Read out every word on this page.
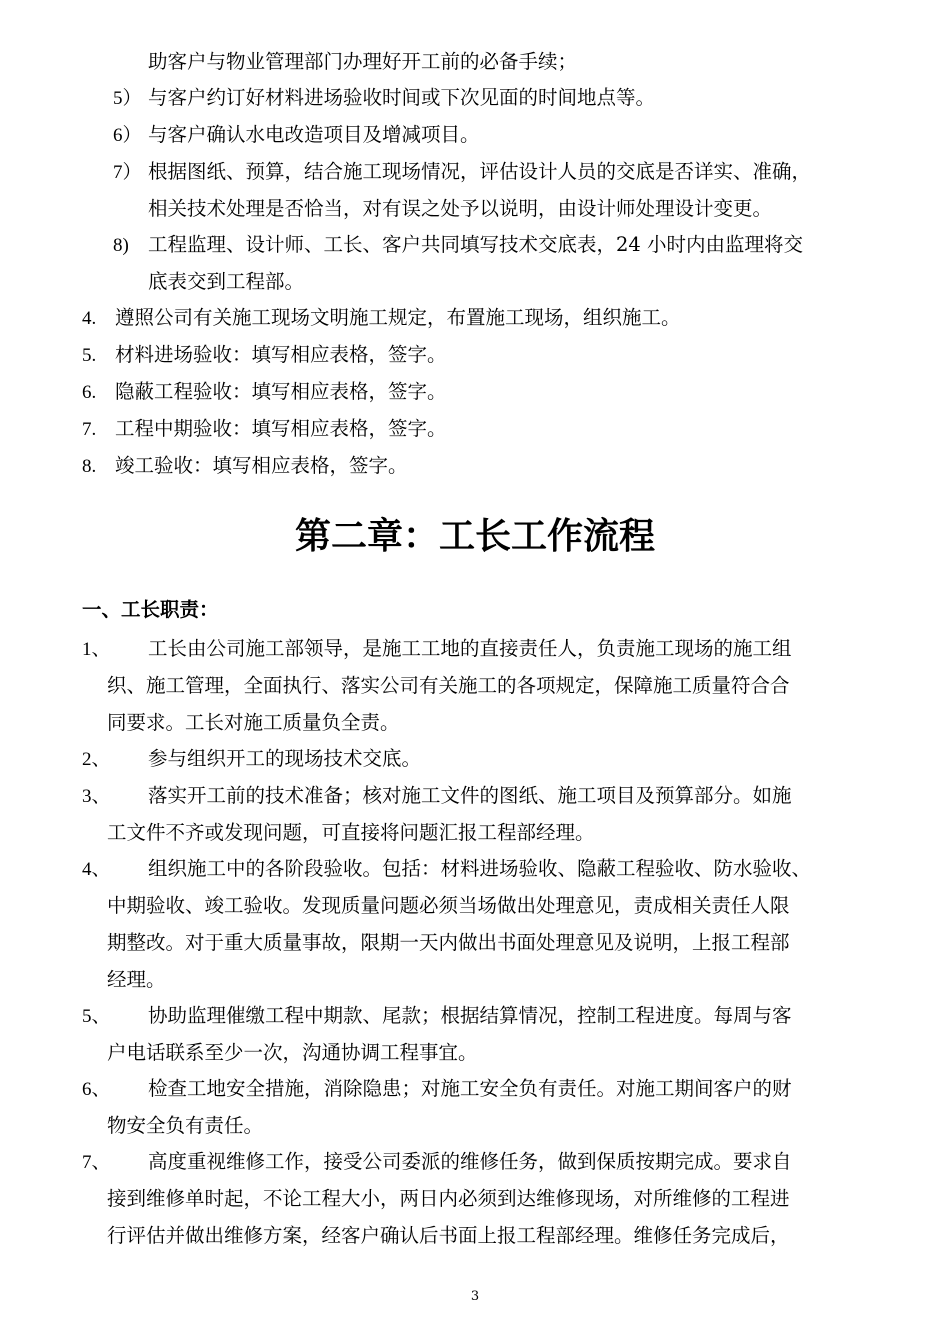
助客户与物业管理部门办理好开工前的必备手续；
5） 与客户约订好材料进场验收时间或下次见面的时间地点等。
6） 与客户确认水电改造项目及增减项目。
7） 根据图纸、预算，结合施工现场情况，评估设计人员的交底是否详实、准确，
相关技术处理是否恰当，对有误之处予以说明，由设计师处理设计变更。
8) 工程监理、设计师、工长、客户共同填写技术交底表，24 小时内由监理将交
底表交到工程部。
4. 遵照公司有关施工现场文明施工规定，布置施工现场，组织施工。
5. 材料进场验收：填写相应表格，签字。
6. 隐蔽工程验收：填写相应表格，签字。
7. 工程中期验收：填写相应表格，签字。
8. 竣工验收：填写相应表格，签字。
第二章：工长工作流程
一、工长职责：
1、 工长由公司施工部领导，是施工工地的直接责任人，负责施工现场的施工组
织、施工管理，全面执行、落实公司有关施工的各项规定，保障施工质量符合合
同要求。工长对施工质量负全责。
2、 参与组织开工的现场技术交底。
3、 落实开工前的技术准备；核对施工文件的图纸、施工项目及预算部分。如施
工文件不齐或发现问题，可直接将问题汇报工程部经理。
4、 组织施工中的各阶段验收。包括：材料进场验收、隐蔽工程验收、防水验收、
中期验收、竣工验收。发现质量问题必须当场做出处理意见，责成相关责任人限
期整改。对于重大质量事故，限期一天内做出书面处理意见及说明，上报工程部
经理。
5、 协助监理催缴工程中期款、尾款；根据结算情况，控制工程进度。每周与客
户电话联系至少一次，沟通协调工程事宜。
6、 检查工地安全措施，消除隐患；对施工安全负有责任。对施工期间客户的财
物安全负有责任。
7、 高度重视维修工作，接受公司委派的维修任务，做到保质按期完成。要求自
接到维修单时起，不论工程大小，两日内必须到达维修现场，对所维修的工程进
行评估并做出维修方案，经客户确认后书面上报工程部经理。维修任务完成后，
3
